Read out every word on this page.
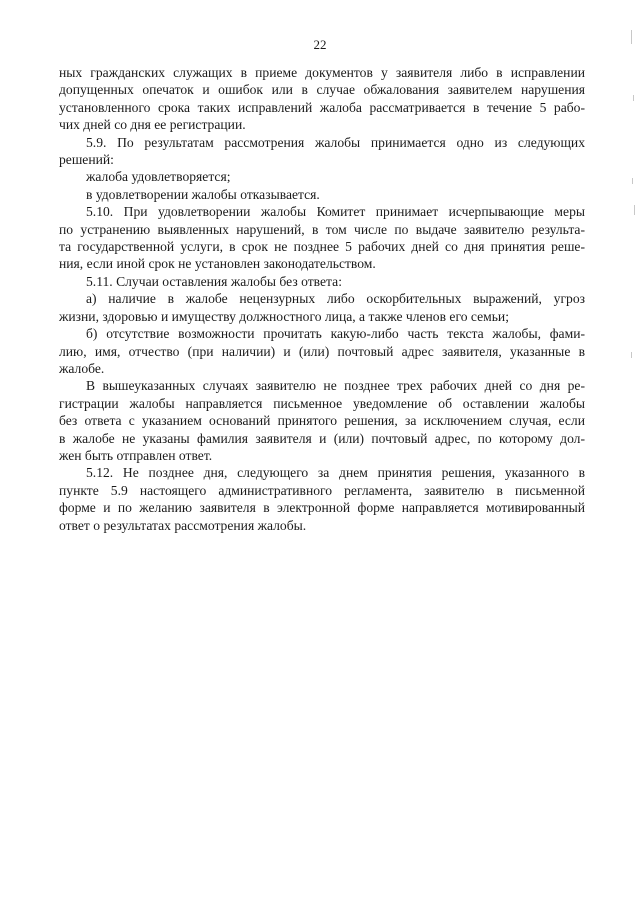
22

ных гражданских служащих в приеме документов у заявителя либо в исправлении

допущенных опечаток и ошибок или в случае обжалования заявителем нарушения

установленного срока таких исправлений жалоба рассматривается в течение 5 рабо-

чих дней со дня ее регистрации.

5.9. По результатам рассмотрения жалобы принимается одно из следующих

решений:

жалоба удовлетворяется;

в удовлетворении жалобы отказывается.

5.10. При удовлетворении жалобы Комитет принимает исчерпывающие меры

по устранению выявленных нарушений, в том числе по выдаче заявителю результа-

та государственной услуги, в срок не позднее 5 рабочих дней со дня принятия реше-

ния, если иной срок не установлен законодательством.

5.11. Случаи оставления жалобы без ответа:

а) наличие в жалобе нецензурных либо оскорбительных выражений, угроз

жизни, здоровью и имуществу должностного лица, а также членов его семьи;

б) отсутствие возможности прочитать какую-либо часть текста жалобы, фами-

лию, имя, отчество (при наличии) и (или) почтовый адрес заявителя, указанные в

жалобе.

В вышеуказанных случаях заявителю не позднее трех рабочих дней со дня ре-

гистрации жалобы направляется письменное уведомление об оставлении жалобы

без ответа с указанием оснований принятого решения, за исключением случая, если

в жалобе не указаны фамилия заявителя и (или) почтовый адрес, по которому дол-

жен быть отправлен ответ.

5.12. Не позднее дня, следующего за днем принятия решения, указанного в

пункте 5.9 настоящего административного регламента, заявителю в письменной

форме и по желанию заявителя в электронной форме направляется мотивированный

ответ о результатах рассмотрения жалобы.
